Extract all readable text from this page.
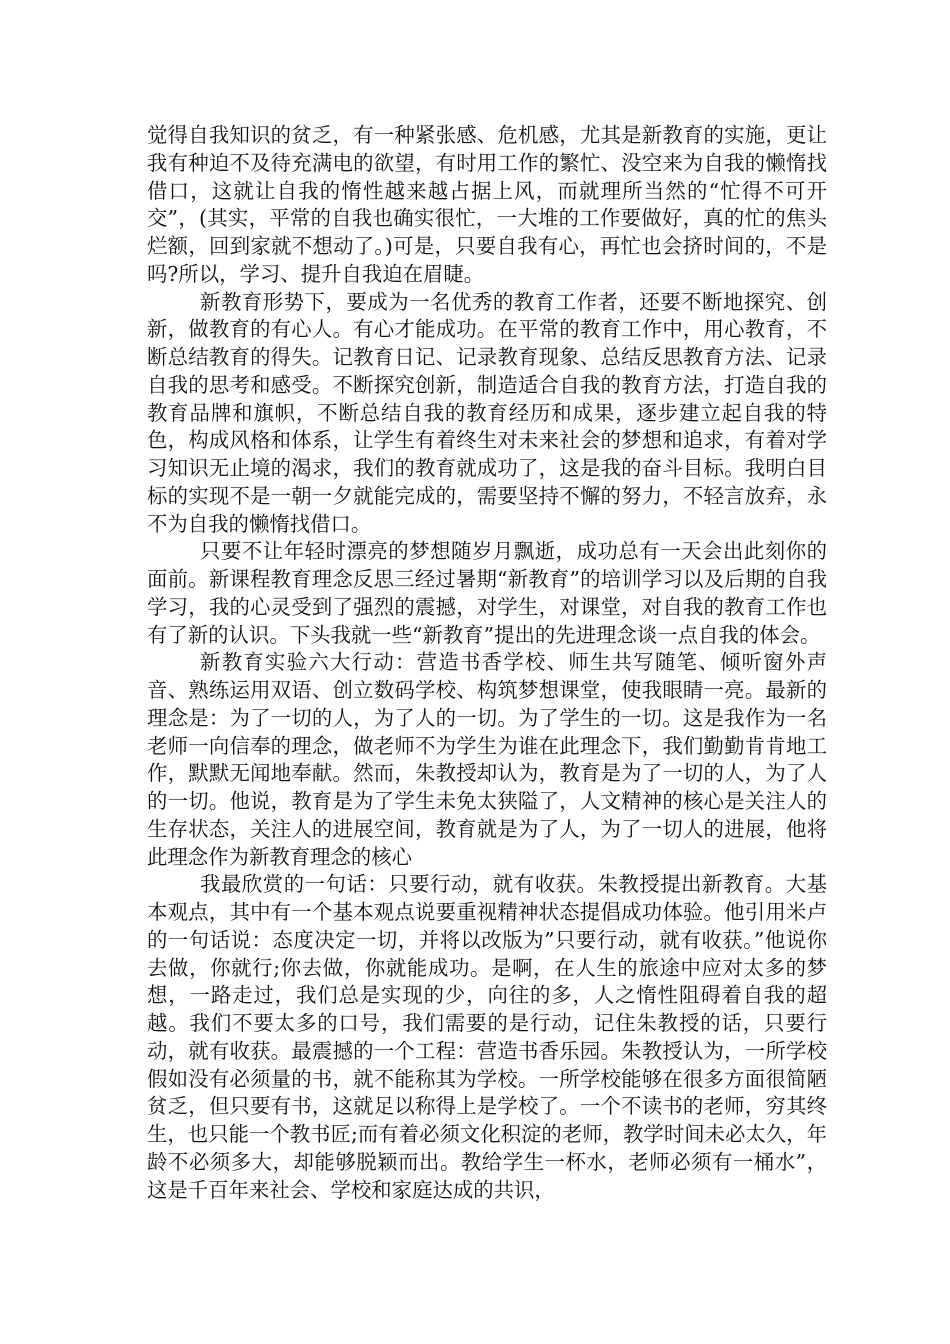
觉得自我知识的贫乏，有一种紧张感、危机感，尤其是新教育的实施，更让我有种迫不及待充满电的欲望，有时用工作的繁忙、没空来为自我的懒惰找借口，这就让自我的惰性越来越占据上风，而就理所当然的“忙得不可开交”，(其实，平常的自我也确实很忙，一大堆的工作要做好，真的忙的焦头烂额，回到家就不想动了。)可是，只要自我有心，再忙也会挤时间的，不是吗?所以，学习、提升自我迫在眉睫。

新教育形势下，要成为一名优秀的教育工作者，还要不断地探究、创新，做教育的有心人。有心才能成功。在平常的教育工作中，用心教育，不断总结教育的得失。记教育日记、记录教育现象、总结反思教育方法、记录自我的思考和感受。不断探究创新，制造适合自我的教育方法，打造自我的教育品牌和旗帜，不断总结自我的教育经历和成果，逐步建立起自我的特色，构成风格和体系，让学生有着终生对未来社会的梦想和追求，有着对学习知识无止境的渴求，我们的教育就成功了，这是我的奋斗目标。我明白目标的实现不是一朝一夕就能完成的，需要坚持不懈的努力，不轻言放弃，永不为自我的懒惰找借口。

只要不让年轻时漂亮的梦想随岁月飘逝，成功总有一天会出此刻你的面前。新课程教育理念反思三经过暑期“新教育”的培训学习以及后期的自我学习，我的心灵受到了强烈的震撼，对学生，对课堂，对自我的教育工作也有了新的认识。下头我就一些“新教育”提出的先进理念谈一点自我的体会。

新教育实验六大行动：营造书香学校、师生共写随笔、倾听窗外声音、熟练运用双语、创立数码学校、构筑梦想课堂，使我眼睛一亮。最新的理念是：为了一切的人，为了人的一切。为了学生的一切。这是我作为一名老师一向信奉的理念，做老师不为学生为谁在此理念下，我们勤勤肯肯地工作，默默无闻地奉献。然而，朱教授却认为，教育是为了一切的人，为了人的一切。他说，教育是为了学生未免太狭隘了，人文精神的核心是关注人的生存状态，关注人的进展空间，教育就是为了人，为了一切人的进展，他将此理念作为新教育理念的核心

我最欣赏的一句话：只要行动，就有收获。朱教授提出新教育。大基本观点，其中有一个基本观点说要重视精神状态提倡成功体验。他引用米卢的一句话说：态度决定一切，并将以改版为”只要行动，就有收获。”他说你去做，你就行;你去做，你就能成功。是啊，在人生的旅途中应对太多的梦想，一路走过，我们总是实现的少，向往的多，人之惰性阻碍着自我的超越。我们不要太多的口号，我们需要的是行动，记住朱教授的话，只要行动，就有收获。最震撼的一个工程：营造书香乐园。朱教授认为，一所学校假如没有必须量的书，就不能称其为学校。一所学校能够在很多方面很简陋贫乏，但只要有书，这就足以称得上是学校了。一个不读书的老师，穷其终生，也只能一个教书匠;而有着必须文化积淀的老师，教学时间未必太久，年龄不必须多大，却能够脱颖而出。教给学生一杯水，老师必须有一桶水”，这是千百年来社会、学校和家庭达成的共识，
